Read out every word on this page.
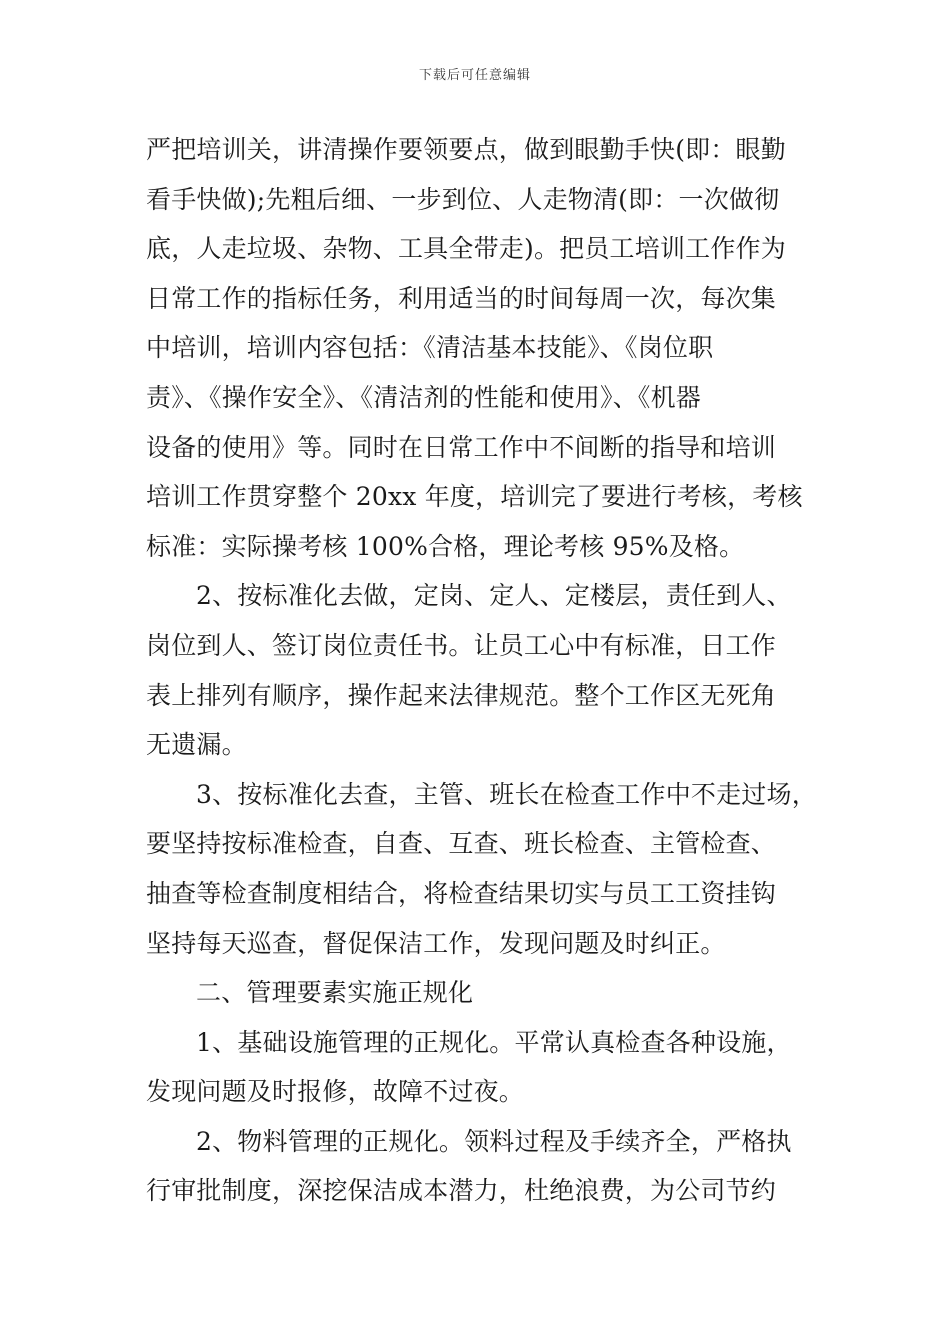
下载后可任意编辑
严把培训关，讲清操作要领要点，做到眼勤手快(即：眼勤
看手快做);先粗后细、一步到位、人走物清(即：一次做彻
底，人走垃圾、杂物、工具全带走)。把员工培训工作作为
日常工作的指标任务，利用适当的时间每周一次，每次集
中培训，培训内容包括：《清洁基本技能》、《岗位职
责》、《操作安全》、《清洁剂的性能和使用》、《机器
设备的使用》等。同时在日常工作中不间断的指导和培训
培训工作贯穿整个 20xx 年度，培训完了要进行考核，考核
标准：实际操考核 100%合格，理论考核 95%及格。
2、按标准化去做，定岗、定人、定楼层，责任到人、
岗位到人、签订岗位责任书。让员工心中有标准，日工作
表上排列有顺序，操作起来法律规范。整个工作区无死角
无遗漏。
3、按标准化去查，主管、班长在检查工作中不走过场，
要坚持按标准检查，自查、互查、班长检查、主管检查、
抽查等检查制度相结合，将检查结果切实与员工工资挂钩
坚持每天巡查，督促保洁工作，发现问题及时纠正。
二、管理要素实施正规化
1、基础设施管理的正规化。平常认真检查各种设施，
发现问题及时报修，故障不过夜。
2、物料管理的正规化。领料过程及手续齐全，严格执
行审批制度，深挖保洁成本潜力，杜绝浪费，为公司节约
